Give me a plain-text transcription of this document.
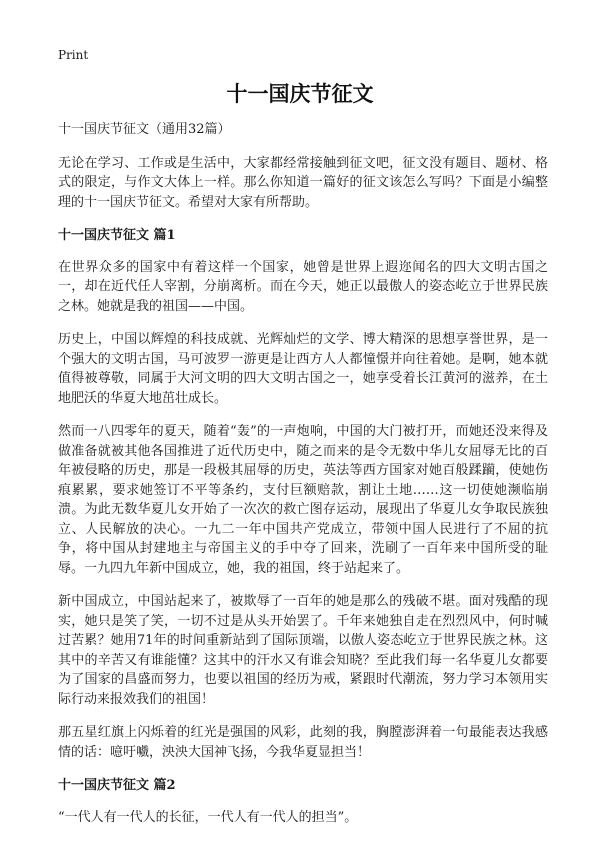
Print
十一国庆节征文
十一国庆节征文（通用32篇）

无论在学习、工作或是生活中，大家都经常接触到征文吧，征文没有题目、题材、格式的限定，与作文大体上一样。那么你知道一篇好的征文该怎么写吗？下面是小编整理的十一国庆节征文。希望对大家有所帮助。

十一国庆节征文 篇1

在世界众多的国家中有着这样一个国家，她曾是世界上遐迩闻名的四大文明古国之一，却在近代任人宰割，分崩离析。而在今天，她正以最傲人的姿态屹立于世界民族之林。她就是我的祖国——中国。

历史上，中国以辉煌的科技成就、光辉灿烂的文学、博大精深的思想享誉世界，是一个强大的文明古国，马可波罗一游更是让西方人人都憧憬并向往着她。是啊，她本就值得被尊敬，同属于大河文明的四大文明古国之一，她享受着长江黄河的滋养，在土地肥沃的华夏大地茁壮成长。

然而一八四零年的夏天，随着“轰”的一声炮响，中国的大门被打开，而她还没来得及做准备就被其他各国推进了近代历史中，随之而来的是令无数中华儿女屈辱无比的百年被侵略的历史，那是一段极其屈辱的历史，英法等西方国家对她百般蹂躏，使她伤痕累累，要求她签订不平等条约，支付巨额赔款，割让土地……这一切使她濒临崩溃。为此无数华夏儿女开始了一次次的救亡图存运动，展现出了华夏儿女争取民族独立、人民解放的决心。一九二一年中国共产党成立，带领中国人民进行了不屈的抗争，将中国从封建地主与帝国主义的手中夺了回来，洗刷了一百年来中国所受的耻辱。一九四九年新中国成立，她，我的祖国，终于站起来了。

新中国成立，中国站起来了，被欺辱了一百年的她是那么的残破不堪。面对残酷的现实，她只是笑了笑，一切不过是从头开始罢了。千年来她独自走在烈烈风中，何时喊过苦累？她用71年的时间重新站到了国际顶端，以傲人姿态屹立于世界民族之林。这其中的辛苦又有谁能懂？这其中的汗水又有谁会知晓？至此我们每一名华夏儿女都要为了国家的昌盛而努力，也要以祖国的经历为戒，紧跟时代潮流，努力学习本领用实际行动来报效我们的祖国！

那五星红旗上闪烁着的红光是强国的风彩，此刻的我，胸膛澎湃着一句最能表达我感情的话：噫吁嚱，泱泱大国神飞扬，今我华夏显担当！

十一国庆节征文 篇2

“一代人有一代人的长征，一代人有一代人的担当”。
